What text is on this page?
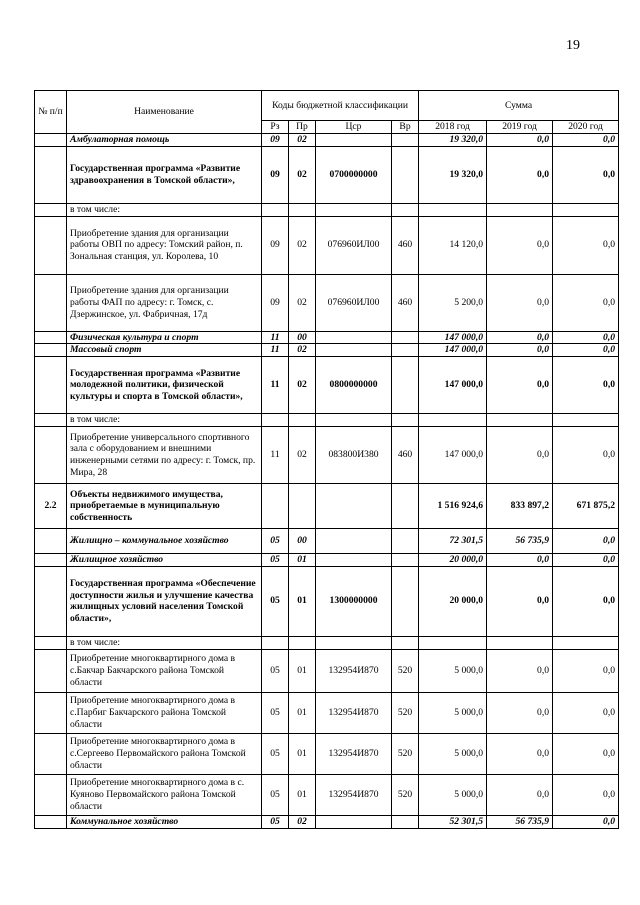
19
№ п/п	Наименование	Коды бюджетной классификации				Сумма		
		Рз	Пр	Цср	Вр	2018 год	2019 год	2020 год
	Амбулаторная помощь	09	02			19 320,0	0,0	0,0
	Государственная программа «Развитие здравоохранения в Томской области»,	09	02	0700000000		19 320,0	0,0	0,0
	в том числе:							
	Приобретение здания для организации работы ОВП по адресу: Томский район, п. Зональная станция, ул. Королева, 10	09	02	076960ИЛ00	460	14 120,0	0,0	0,0
	Приобретение здания для организации работы ФАП по адресу: г. Томск, с. Дзержинское, ул. Фабричная, 17д	09	02	076960ИЛ00	460	5 200,0	0,0	0,0
	Физическая культура и спорт	11	00			147 000,0	0,0	0,0
	Массовый спорт	11	02			147 000,0	0,0	0,0
	Государственная программа «Развитие молодежной политики, физической культуры и спорта в Томской области»,	11	02	0800000000		147 000,0	0,0	0,0
	в том числе:							
	Приобретение универсального спортивного зала с оборудованием и внешними инженерными сетями по адресу: г. Томск, пр. Мира, 28	11	02	083800И380	460	147 000,0	0,0	0,0
2.2	Объекты недвижимого имущества, приобретаемые в муниципальную собственность					1 516 924,6	833 897,2	671 875,2
	Жилищно – коммунальное хозяйство	05	00			72 301,5	56 735,9	0,0
	Жилищное хозяйство	05	01			20 000,0	0,0	0,0
	Государственная программа «Обеспечение доступности жилья и улучшение качества жилищных условий населения Томской области»,	05	01	1300000000		20 000,0	0,0	0,0
	в том числе:							
	Приобретение многоквартирного дома в с.Бакчар Бакчарского района Томской области	05	01	132954И870	520	5 000,0	0,0	0,0
	Приобретение многоквартирного дома в с.Парбиг Бакчарского района Томской области	05	01	132954И870	520	5 000,0	0,0	0,0
	Приобретение многоквартирного дома в с.Сергеево Первомайского района Томской области	05	01	132954И870	520	5 000,0	0,0	0,0
	Приобретение многоквартирного дома в с. Куяново Первомайского района Томской области	05	01	132954И870	520	5 000,0	0,0	0,0
	Коммунальное хозяйство	05	02			52 301,5	56 735,9	0,0
